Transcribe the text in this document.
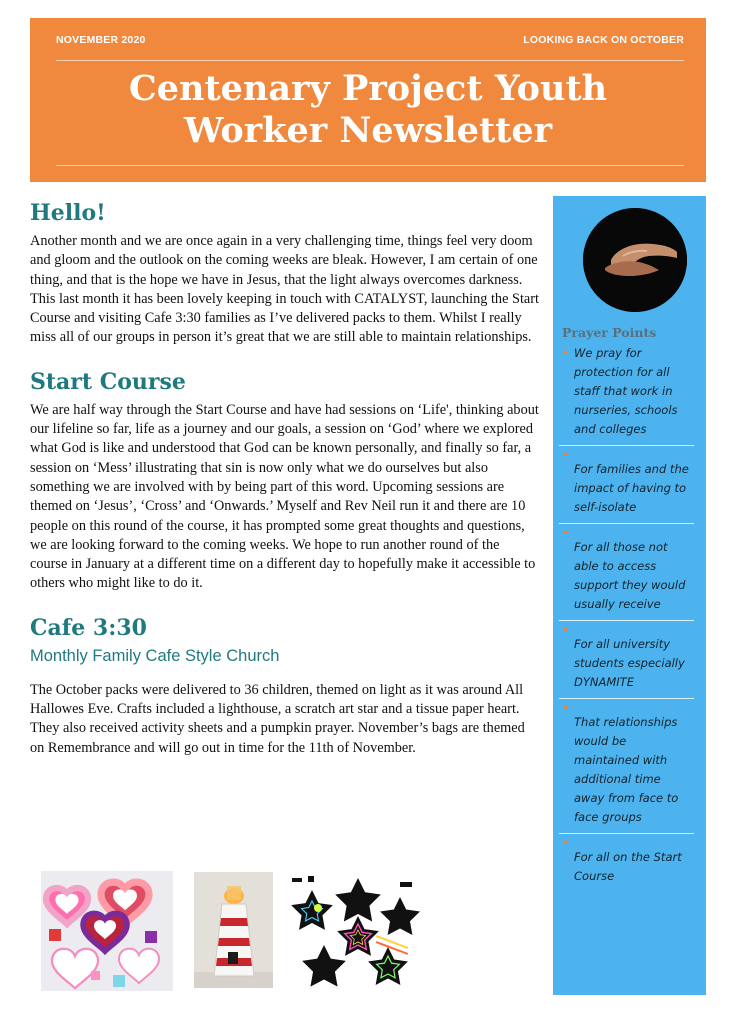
NOVEMBER 2020	LOOKING BACK ON OCTOBER
Centenary Project Youth
Worker Newsletter
Hello!

Another month and we are once again in a very challenging time, things feel very doom and gloom and the outlook on the coming weeks are bleak. However, I am certain of one thing, and that is the hope we have in Jesus, that the light always overcomes darkness. This last month it has been lovely keeping in touch with CATALYST, launching the Start Course and visiting Cafe 3:30 families as I’ve delivered packs to them. Whilst I really miss all of our groups in person it’s great that we are still able to maintain relationships.

Start Course

We are half way through the Start Course and have had sessions on ‘Life', thinking about our lifeline so far, life as a journey and our goals, a session on ‘God’ where we explored what God is like and understood that God can be known personally, and finally so far, a session on ‘Mess’ illustrating that sin is now only what we do ourselves but also something we are involved with by being part of this word. Upcoming sessions are themed on ‘Jesus’, ‘Cross’ and ‘Onwards.’ Myself and Rev Neil run it and there are 10 people on this round of the course, it has prompted some great thoughts and questions, we are looking forward to the coming weeks. We hope to run another round of the course in January at a different time on a different day to hopefully make it accessible to others who might like to do it.

Cafe 3:30
Monthly Family Cafe Style Church

The October packs were delivered to 36 children, themed on light as it was around All Hallowes Eve. Crafts included a lighthouse, a scratch art star and a tissue paper heart. They also received activity sheets and a pumpkin prayer. November’s bags are themed on Remembrance and will go out in time for the 11th of November.

Prayer Points
• We pray for protection for all staff that work in nurseries, schools and colleges
• For families and the impact of having to self-isolate
• For all those not able to access support they would usually receive
• For all university students especially DYNAMITE
• That relationships would be maintained with additional time away from face to face groups
• For all on the Start Course
